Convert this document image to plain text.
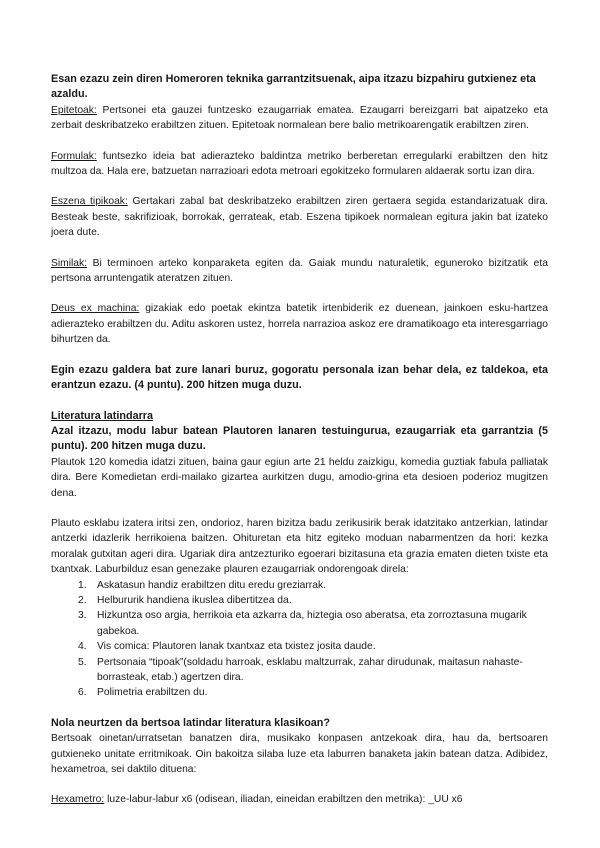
Esan ezazu zein diren Homeroren teknika garrantzitsuenak, aipa itzazu bizpahiru gutxienez eta azaldu.

Epitetoak: Pertsonei eta gauzei funtzesko ezaugarriak ematea. Ezaugarri bereizgarri bat aipatzeko eta zerbait deskribatzeko erabiltzen zituen. Epitetoak normalean bere balio metrikoarengatik erabiltzen ziren.

Formulak: funtsezko ideia bat adierazteko baldintza metriko berberetan erregularki erabiltzen den hitz multzoa da. Hala ere, batzuetan narrazioari edota metroari egokitzeko formularen aldaerak sortu izan dira.

Eszena tipikoak: Gertakari zabal bat deskribatzeko erabiltzen ziren gertaera segida estandarizatuak dira. Besteak beste, sakrifizioak, borrokak, gerrateak, etab. Eszena tipikoek normalean egitura jakin bat izateko joera dute.

Similak: Bi terminoen arteko konparaketa egiten da. Gaiak mundu naturaletik, eguneroko bizitzatik eta pertsona arruntengatik ateratzen zituen.

Deus ex machina: gizakiak edo poetak ekintza batetik irtenbiderik ez duenean, jainkoen esku-hartzea adierazteko erabiltzen du. Aditu askoren ustez, horrela narrazioa askoz ere dramatikoago eta interesgarriago bihurtzen da.

Egin ezazu galdera bat zure lanari buruz, gogoratu personala izan behar dela, ez taldekoa, eta erantzun ezazu. (4 puntu). 200 hitzen muga duzu.

Literatura latindarra

Azal itzazu, modu labur batean Plautoren lanaren testuingurua, ezaugarriak eta garrantzia (5 puntu). 200 hitzen muga duzu.

Plautok 120 komedia idatzi zituen, baina gaur egiun arte 21 heldu zaizkigu, komedia guztiak fabula palliatak dira. Bere Komedietan erdi-mailako gizartea aurkitzen dugu, amodio-grina eta desioen poderioz mugitzen dena.

Plauto esklabu izatera iritsi zen, ondorioz, haren bizitza badu zerikusirik berak idatzitako antzerkian, latindar antzerki idazlerik herrikoiena baitzen. Ohituretan eta hitz egiteko moduan nabarmentzen da hori: kezka moralak gutxitan ageri dira. Ugariak dira antzezturiko egoerari bizitasuna eta grazia ematen dieten txiste eta txantxak. Laburbilduz esan genezake plauren ezaugarriak ondorengoak direla:

1. Askatasun handiz erabiltzen ditu eredu greziarrak.
2. Helbururik handiena ikuslea dibertitzea da.
3. Hizkuntza oso argia, herrikoia eta azkarra da, hiztegia oso aberatsa, eta zorroztasuna mugarik gabekoa.
4. Vis comica: Plautoren lanak txantxaz eta txistez josita daude.
5. Pertsonaia “tipoak”(soldadu harroak, esklabu maltzurrak, zahar dirudunak, maitasun nahaste-borrasteak, etab.) agertzen dira.
6. Polimetria erabiltzen du.

Nola neurtzen da bertsoa latindar literatura klasikoan?

Bertsoak oinetan/urratsetan banatzen dira, musikako konpasen antzekoak dira, hau da, bertsoaren gutxieneko unitate erritmikoak. Oin bakoitza silaba luze eta laburren banaketa jakin batean datza. Adibidez, hexametroa, sei daktilo dituena:

Hexametro: luze-labur-labur x6 (odisean, iliadan, eineidan erabiltzen den metrika): _UU x6
